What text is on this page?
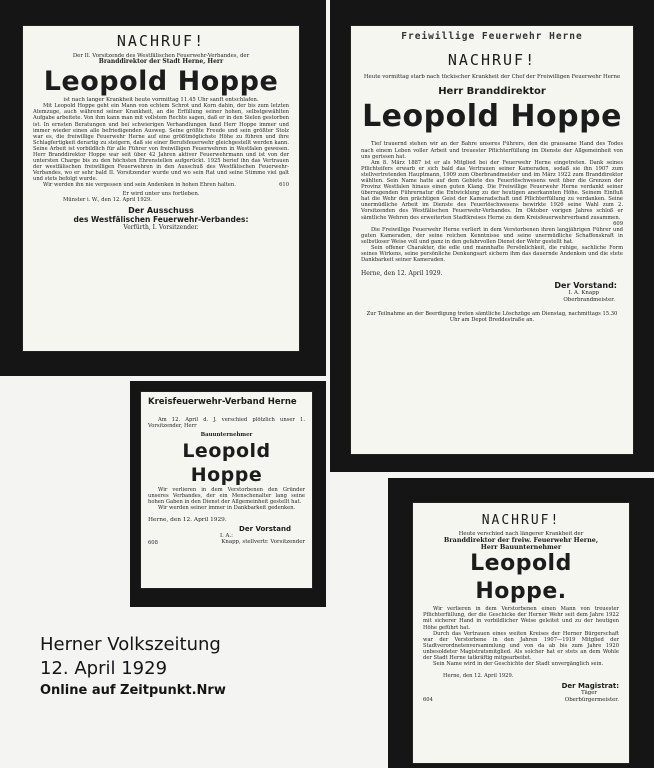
NACHRUF!

Der II. Vorsitzende des Westfälischen Feuerwehr-Verbandes, der

Branddirektor der Stadt Herne, Herr

Leopold Hoppe

ist nach langer Krankheit heute vormittag 11.45 Uhr sanft entschlafen.

Mit Leopold Hoppe geht ein Mann von echtem Schrot und Korn dahin, der bis zum letzten Atemzuge, auch während seiner Krankheit, an die Erfüllung seiner hohen, selbstgewählten Aufgabe arbeitete. Von ihm kann man mit vollstem Rechte sagen, daß er in den Sielen gestorben ist. In ernsten Beratungen und bei schwierigen Verhandlungen fand Herr Hoppe immer und immer wieder einen alle befriedigenden Ausweg. Seine größte Freude und sein größter Stolz war es, die freiwillige Feuerwehr Herne auf eine größtmöglichste Höhe zu führen und ihre Schlagfertigkeit derartig zu steigern, daß sie einer Berufsfeuerwehr gleichgestellt werden kann. Seine Arbeit ist vorbildlich für alle Führer von freiwilligen Feuerwehren in Westfalen gewesen. Herr Branddirektor Hoppe war seit über 42 Jahren aktiver Feuerwehrmann und ist von der untersten Charge bis zu den höchsten Ehrenstellen aufgerückt. 1925 berief ihn das Vertrauen der westfälischen freiwilligen Feuerwehren in den Ausschuß des Westfälischen Feuerwehr-Verbandes, wo er sehr bald II. Vorsitzender wurde und wo sein Rat und seine Stimme viel galt und stets befolgt wurde.

Wir werden ihn nie vergessen und sein Andenken in hohen Ehren halten.	610

Er wird unter uns fortleben.

Münster i. W., den 12. April 1929.

Der Ausschuss
des Westfälischen Feuerwehr-Verbandes:
Verfürth, I. Vorsitzender.
Freiwillige Feuerwehr Herne
NACHRUF!

Heute vormittag starb nach tückischer Krankheit der Chef der Freiwilligen Feuerwehr Herne

Herr Branddirektor

Leopold Hoppe

Tief trauernd stehen wir an der Bahre unseres Führers, den die grausame Hand des Todes nach einem Leben voller Arbeit und treuester Pflichterfüllung im Dienste der Allgemeinheit von uns gerissen hat.

Am 8. März 1887 ist er als Mitglied bei der Feuerwehr Herne eingetreten. Dank seines Pflichteifers erwarb er sich bald das Vertrauen seiner Kameraden, sodaß sie ihn 1907 zum stellvertretenden Hauptmann, 1909 zum Oberbrandmeister und im März 1922 zum Branddirektor wählten. Sein Name hatte auf dem Gebiete des Feuerlöschwesens weit über die Grenzen der Provinz Westfalen hinaus einen guten Klang. Die Freiwillige Feuerwehr Herne verdankt seiner überragenden Führernatur die Entwicklung zu der heutigen anerkannten Höhe. Seinem Einfluß hat die Wehr den prächtigen Geist der Kameradschaft und Pflichterfüllung zu verdanken. Seine unermüdliche Arbeit im Dienste des Feuerlöschwesens bewirkte 1926 seine Wahl zum 2. Vorsitzenden des Westfälischen Feuerwehr-Verbandes. Im Oktober vorigen Jahres schloß er sämtliche Wehren des erweiterten Stadtkreises Herne zu dem Kreisfeuerwehrverband zusammen.

609

Die Freiwillige Feuerwehr Herne verliert in dem Verstorbenen ihren langjährigen Führer und guten Kameraden, der seine reichen Kenntnisse und seine unermüdliche Schaffenskraft in selbstloser Weise voll und ganz in den gefahrvollen Dienst der Wehr gestellt hat.

Sein offener Charakter, die edle und mannhafte Persönlichkeit, die ruhige, sachliche Form seines Wirkens, seine persönliche Denkungsart sichern ihm das dauernde Andenken und die stete Dankbarkeit seiner Kameraden.

Herne, den 12. April 1929.

Der Vorstand:
I. A. Knapp
Oberbrandmeister.

Zur Teilnahme an der Beerdigung treten sämtliche Löschzüge am Dienstag, nachmittags 15.30 Uhr am Depot Breddestraße an.

Kreisfeuerwehr-Verband Herne

Am 12. April d. J. verschied plötzlich unser 1. Vorsitzender, Herr

Bauunternehmer

Leopold Hoppe

Wir verlieren in dem Verstorbenen den Gründer unseres Verbandes, der ein Menschenalter lang seine hohen Gaben in den Dienst der Allgemeinheit gestellt hat.

Wir werden seiner immer in Dankbarkeit gedenken.

Herne, den 12. April 1929.

Der Vorstand
I. A.:
608	Knapp, stellvertr. Vorsitzender
NACHRUF!

Heute verschied nach längerer Krankheit der

Branddirektor der freiw. Feuerwehr Herne,

Herr Bauunternehmer

Leopold Hoppe.

Wir verlieren in dem Verstorbenen einen Mann von treuester Pflichterfüllung, der die Geschicke der Herner Wehr seit dem Jahre 1922 mit sicherer Hand in vorbildlicher Weise geleitet und zu der heutigen Höhe geführt hat.

Durch das Vertrauen eines weiten Kreises der Herner Bürgerschaft war der Verstorbene in den Jahren 1907—1919 Mitglied der Stadtverordnetenversammlung und von da ab bis zum Jahre 1920 unbesoldeter Magistratsmitglied. Als solcher hat er stets an dem Wohle der Stadt Herne tatkräftig mitgearbeitet.

Sein Name wird in der Geschichte der Stadt unvergänglich sein.

Herne, den 12. April 1929.

Der Magistrat:
Täger
604	Oberbürgermeister.
Herner Volkszeitung
12. April 1929
Online auf Zeitpunkt.Nrw
